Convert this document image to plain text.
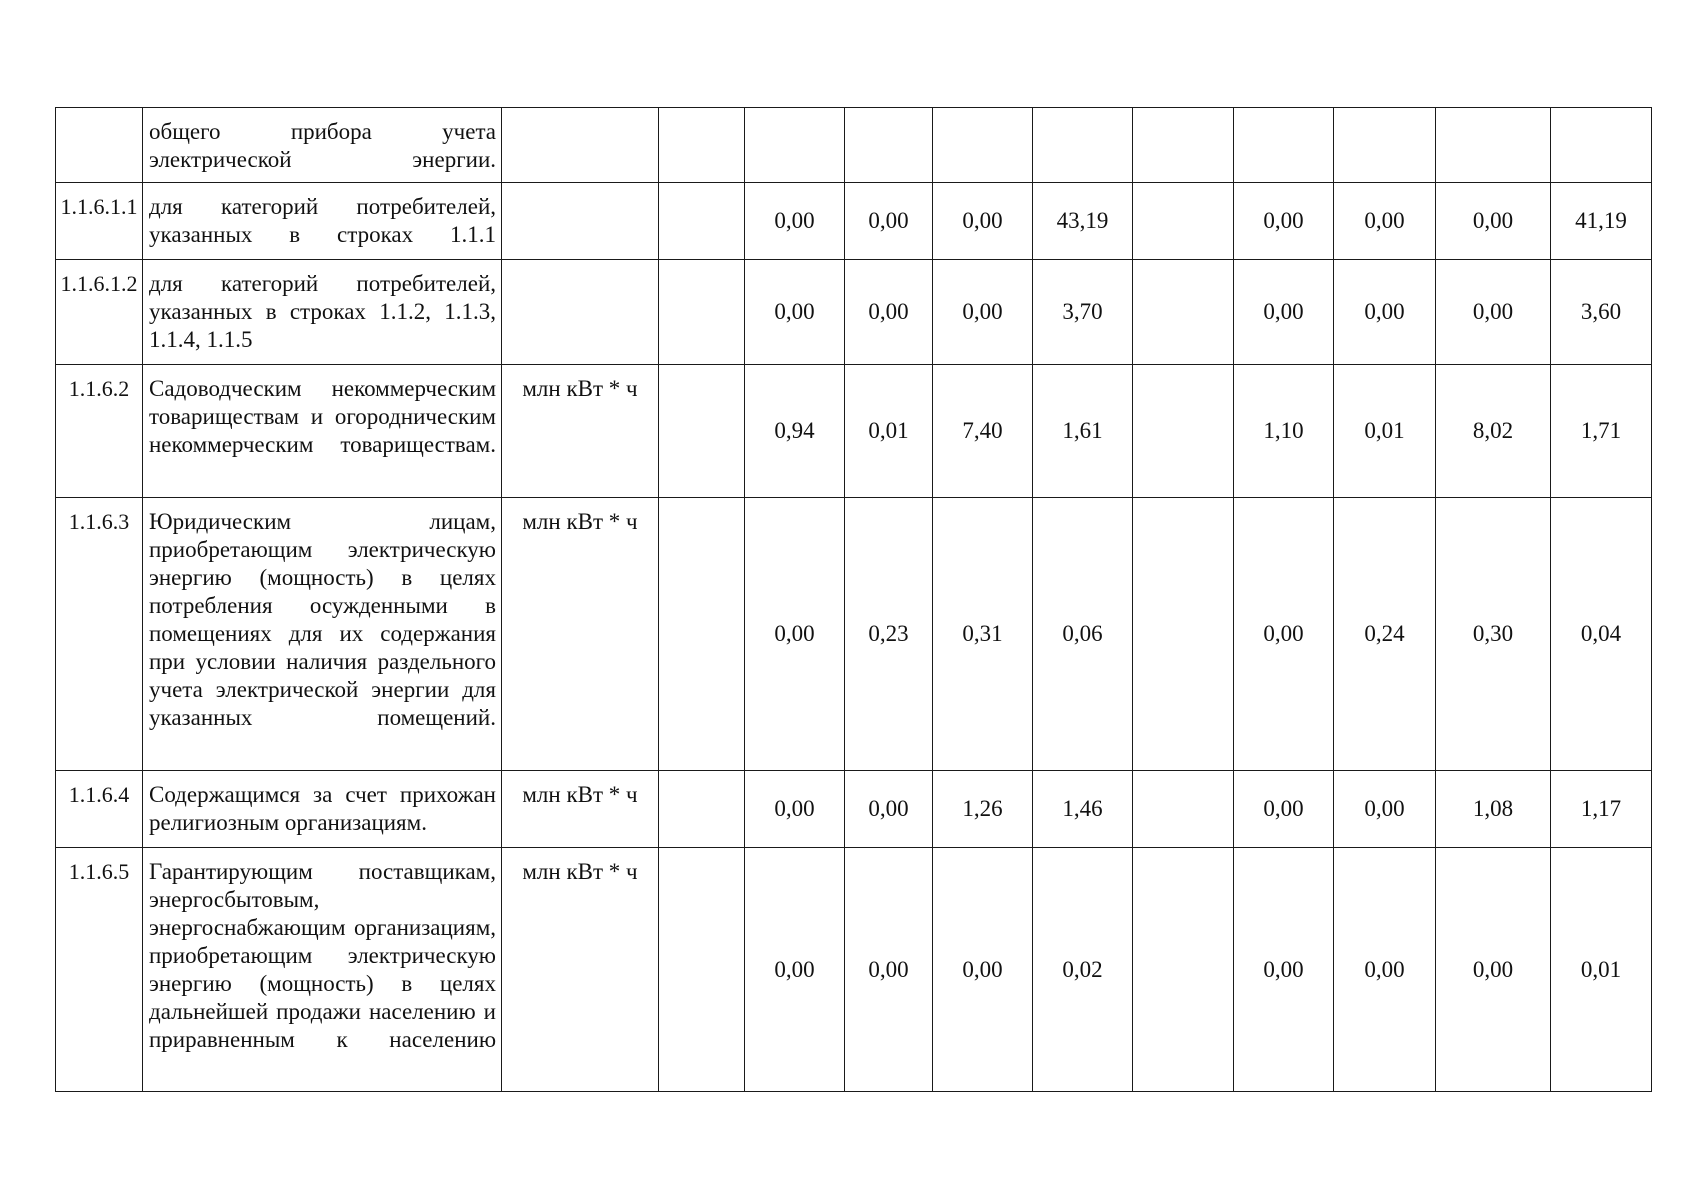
	общего прибора учета электрической энергии.											
1.1.6.1.1	для категорий потребителей, указанных в строках 1.1.1			0,00	0,00	0,00	43,19		0,00	0,00	0,00	41,19
1.1.6.1.2	для категорий потребителей, указанных в строках 1.1.2, 1.1.3, 1.1.4, 1.1.5			0,00	0,00	0,00	3,70		0,00	0,00	0,00	3,60
1.1.6.2	Садоводческим некоммерческим товариществам и огородническим некоммерческим товариществам.	млн кВт * ч		0,94	0,01	7,40	1,61		1,10	0,01	8,02	1,71
1.1.6.3	Юридическим лицам, приобретающим электрическую энергию (мощность) в целях потребления осужденными в помещениях для их содержания при условии наличия раздельного учета электрической энергии для указанных помещений.	млн кВт * ч		0,00	0,23	0,31	0,06		0,00	0,24	0,30	0,04
1.1.6.4	Содержащимся за счет прихожан религиозным организациям.	млн кВт * ч		0,00	0,00	1,26	1,46		0,00	0,00	1,08	1,17
1.1.6.5	Гарантирующим поставщикам, энергосбытовым, энергоснабжающим организациям, приобретающим электрическую энергию (мощность) в целях дальнейшей продажи населению и приравненным к населению	млн кВт * ч		0,00	0,00	0,00	0,02		0,00	0,00	0,00	0,01
